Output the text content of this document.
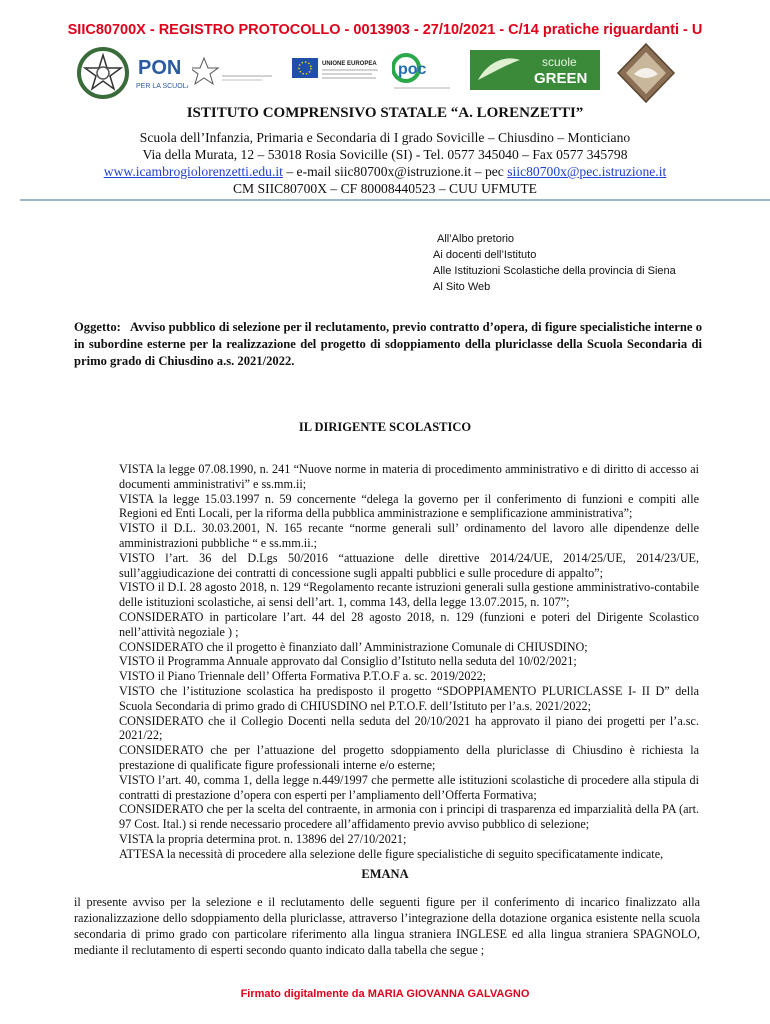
SIIC80700X - REGISTRO PROTOCOLLO - 0013903 - 27/10/2021 - C/14 pratiche riguardanti - U
PON
PER LA SCUOLA
UNIONE EUROPEA poc	scuole
GREEN
ISTITUTO COMPRENSIVO STATALE “A. LORENZETTI”
Scuola dell’Infanzia, Primaria e Secondaria di I grado Sovicille – Chiusdino – Monticiano
Via della Murata, 12 – 53018 Rosia Sovicille (SI) - Tel. 0577 345040 – Fax 0577 345798
www.icambrogiolorenzetti.edu.it – e-mail siic80700x@istruzione.it – pec siic80700x@pec.istruzione.it
CM SIIC80700X – CF 80008440523 – CUU UFMUTE
All’Albo pretorio
Ai docenti dell’Istituto
Alle Istituzioni Scolastiche della provincia di Siena
Al Sito Web
Oggetto: Avviso pubblico di selezione per il reclutamento, previo contratto d’opera, di figure specialistiche interne o in subordine esterne per la realizzazione del progetto di sdoppiamento della pluriclasse della Scuola Secondaria di primo grado di Chiusdino a.s. 2021/2022.
IL DIRIGENTE SCOLASTICO
VISTA la legge 07.08.1990, n. 241 “Nuove norme in materia di procedimento amministrativo e di diritto di accesso ai documenti amministrativi” e ss.mm.ii;
VISTA la legge 15.03.1997 n. 59 concernente “delega la governo per il conferimento di funzioni e compiti alle Regioni ed Enti Locali, per la riforma della pubblica amministrazione e semplificazione amministrativa”;
VISTO il D.L. 30.03.2001, N. 165 recante “norme generali sull’ ordinamento del lavoro alle dipendenze delle amministrazioni pubbliche “ e ss.mm.ii.;
VISTO l’art. 36 del D.Lgs 50/2016 “attuazione delle direttive 2014/24/UE, 2014/25/UE, 2014/23/UE, sull’aggiudicazione dei contratti di concessione sugli appalti pubblici e sulle procedure di appalto”;
VISTO il D.I. 28 agosto 2018, n. 129 “Regolamento recante istruzioni generali sulla gestione amministrativo-contabile delle istituzioni scolastiche, ai sensi dell’art. 1, comma 143, della legge 13.07.2015, n. 107”;
CONSIDERATO in particolare l’art. 44 del 28 agosto 2018, n. 129 (funzioni e poteri del Dirigente Scolastico nell’attività negoziale ) ;
CONSIDERATO che il progetto è finanziato dall’ Amministrazione Comunale di CHIUSDINO;
VISTO il Programma Annuale approvato dal Consiglio d’Istituto nella seduta del 10/02/2021;
VISTO il Piano Triennale dell’ Offerta Formativa P.T.O.F a. sc. 2019/2022;
VISTO che l’istituzione scolastica ha predisposto il progetto “SDOPPIAMENTO PLURICLASSE I- II D” della Scuola Secondaria di primo grado di CHIUSDINO nel P.T.O.F. dell’Istituto per l’a.s. 2021/2022;
CONSIDERATO che il Collegio Docenti nella seduta del 20/10/2021 ha approvato il piano dei progetti per l’a.sc. 2021/22;
CONSIDERATO che per l’attuazione del progetto sdoppiamento della pluriclasse di Chiusdino è richiesta la prestazione di qualificate figure professionali interne e/o esterne;
VISTO l’art. 40, comma 1, della legge n.449/1997 che permette alle istituzioni scolastiche di procedere alla stipula di contratti di prestazione d’opera con esperti per l’ampliamento dell’Offerta Formativa;
CONSIDERATO che per la scelta del contraente, in armonia con i principi di trasparenza ed imparzialità della PA (art. 97 Cost. Ital.) si rende necessario procedere all’affidamento previo avviso pubblico di selezione;
VISTA la propria determina prot. n. 13896 del 27/10/2021;
ATTESA la necessità di procedere alla selezione delle figure specialistiche di seguito specificatamente indicate,
EMANA
il presente avviso per la selezione e il reclutamento delle seguenti figure per il conferimento di incarico finalizzato alla razionalizzazione dello sdoppiamento della pluriclasse, attraverso l’integrazione della dotazione organica esistente nella scuola secondaria di primo grado con particolare riferimento alla lingua straniera INGLESE ed alla lingua straniera SPAGNOLO, mediante il reclutamento di esperti secondo quanto indicato dalla tabella che segue ;
Firmato digitalmente da MARIA GIOVANNA GALVAGNO
